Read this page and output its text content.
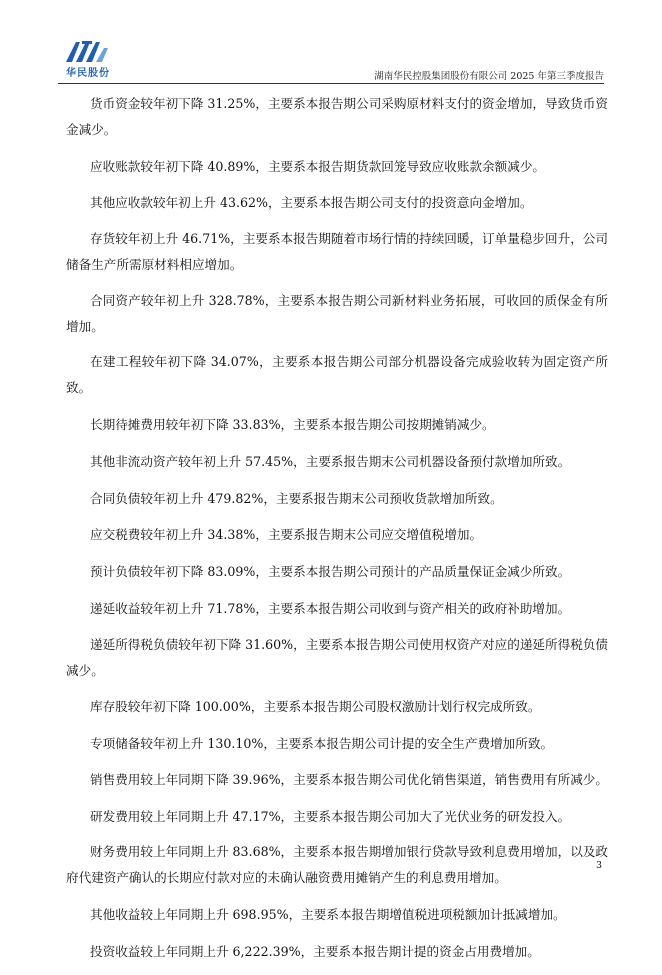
华民股份	湖南华民控股集团股份有限公司 2025 年第三季度报告

货币资金较年初下降 31.25%，主要系本报告期公司采购原材料支付的资金增加，导致货币资金减少。

应收账款较年初下降 40.89%，主要系本报告期货款回笼导致应收账款余额减少。

其他应收款较年初上升 43.62%，主要系本报告期公司支付的投资意向金增加。

存货较年初上升 46.71%，主要系本报告期随着市场行情的持续回暖，订单量稳步回升，公司储备生产所需原材料相应增加。

合同资产较年初上升 328.78%，主要系本报告期公司新材料业务拓展，可收回的质保金有所增加。

在建工程较年初下降 34.07%，主要系本报告期公司部分机器设备完成验收转为固定资产所致。

长期待摊费用较年初下降 33.83%，主要系本报告期公司按期摊销减少。

其他非流动资产较年初上升 57.45%，主要系报告期末公司机器设备预付款增加所致。

合同负债较年初上升 479.82%，主要系报告期末公司预收货款增加所致。

应交税费较年初上升 34.38%，主要系报告期末公司应交增值税增加。

预计负债较年初下降 83.09%，主要系本报告期公司预计的产品质量保证金减少所致。

递延收益较年初上升 71.78%，主要系本报告期公司收到与资产相关的政府补助增加。

递延所得税负债较年初下降 31.60%，主要系本报告期公司使用权资产对应的递延所得税负债减少。

库存股较年初下降 100.00%，主要系本报告期公司股权激励计划行权完成所致。

专项储备较年初上升 130.10%，主要系本报告期公司计提的安全生产费增加所致。

销售费用较上年同期下降 39.96%，主要系本报告期公司优化销售渠道，销售费用有所减少。

研发费用较上年同期上升 47.17%，主要系本报告期公司加大了光伏业务的研发投入。

财务费用较上年同期上升 83.68%，主要系本报告期增加银行贷款导致利息费用增加，以及政府代建资产确认的长期应付款对应的未确认融资费用摊销产生的利息费用增加。

其他收益较上年同期上升 698.95%，主要系本报告期增值税进项税额加计抵减增加。

投资收益较上年同期上升 6,222.39%，主要系本报告期计提的资金占用费增加。

3
